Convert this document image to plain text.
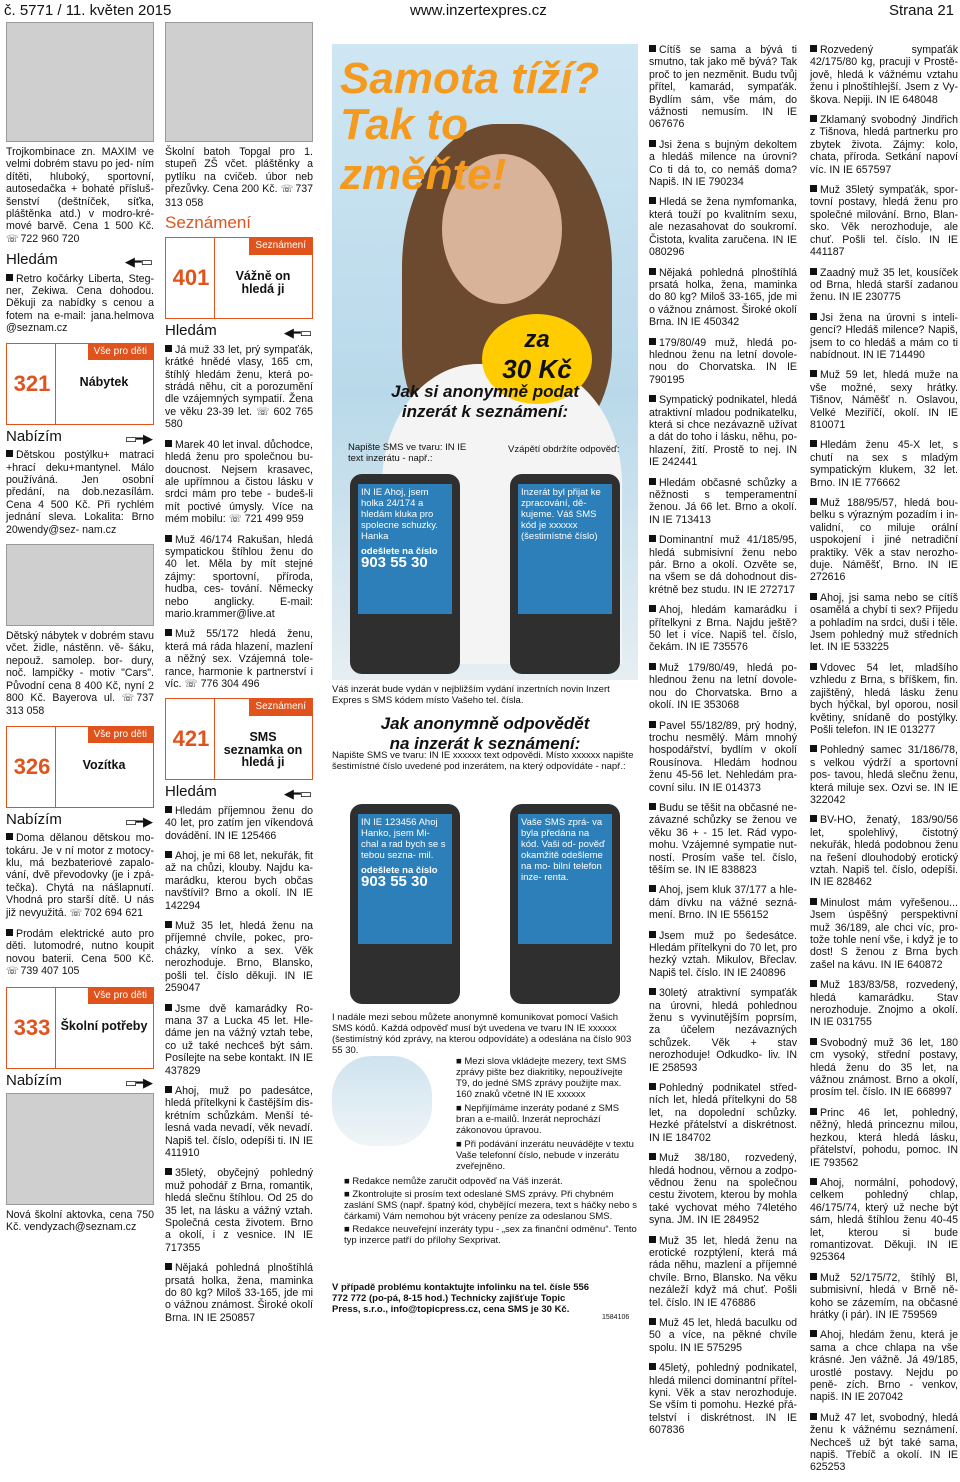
č. 5771 / 11. květen 2015	www.inzertexpres.cz	Strana 21

Trojkombinace zn. MAXIM ve velmi dobrém stavu po jed- ním dítěti, hluboký, sportovní, autosedačka + bohaté přísluš- šenství (deštníček, síťka, pláštěnka atd.) v modro-kré- mové barvě. Cena 1 500 Kč. ☏ 722 960 720

Hledám	◀━▭

Retro kočárky Liberta, Steg- ner, Zekiwa. Cena dohodou. Děkuji za nabídky s cenou a fotem na e-mail: jana.helmova @seznam.cz

321
Vše pro děti
Nábytek
Nabízím	▭━▶

Dětskou postýlku+ matraci +hrací deku+mantynel. Málo používáná. Jen osobní předání, na dob.nezasílám. Cena 4 500 Kč. Při rychlém jednání sleva. Lokalita: Brno 20wendy@sez- nam.cz

Dětský nábytek v dobrém stavu včet. židle, nástěnn. vě- šáku, nepouž. samolep. bor- dury, noč. lampičky - motiv "Cars". Původní cena 8 400 Kč, nyní 2 800 Kč. Bayerova ul. ☏ 737 313 058

326
Vše pro děti
Vozítka
Nabízím	▭━▶

Doma dělanou dětskou mo- tokáru. Je v ní motor z motocy- klu, má bezbateriové zapalo- vání, dvě převodovky (je i zpá- tečka). Chytá na nášlapnutí. Vhodná pro starší dítě. U nás již nevyužitá. ☏ 702 694 621

Prodám elektrické auto pro děti. lutomodré, nutno koupit novou baterii. Cena 500 Kč. ☏ 739 407 105

333
Vše pro děti
Školní potřeby
Nabízím	▭━▶

Nová školní aktovka, cena 750 Kč. vendyzach@seznam.cz

Školní batoh Topgal pro 1. stupeň ZŠ včet. pláštěnky a pytlíku na cvičeb. úbor neb přezůvky. Cena 200 Kč. ☏ 737 313 058

Seznámení
401
Seznámení
Vážně on hledá ji
Hledám	◀━▭

Já muž 33 let, prý sympaťák, krátké hnědé vlasy, 165 cm, štíhlý hledám ženu, která po- strádá něhu, cit a porozumění dle vzájemných sympatií. Žena ve věku 23-39 let. ☏ 602 765 580

Marek 40 let inval. důchodce, hledá ženu pro společnou bu- doucnost. Nejsem krasavec, ale upřímnou a čistou lásku v srdci mám pro tebe - budeš-li mít poctivé úmysly. Více na mém mobilu: ☏ 721 499 959

Muž 46/174 Rakušan, hledá sympatickou štíhlou ženu do 40 let. Měla by mít stejné zájmy: sportovní, příroda, hudba, ces- tování. Německy nebo anglicky. E-mail: mario.krammer@live.at

Muž 55/172 hledá ženu, která má ráda hlazení, mazlení a něžný sex. Vzájemná tole- rance, harmonie k partnerství i víc. ☏ 776 304 496

421
Seznámení
SMS seznamka on hledá ji
Hledám	◀━▭

Hledám příjemnou ženu do 40 let, pro zatím jen víkendová dovádění. IN IE 125466

Ahoj, je mi 68 let, nekuřák, fit až na chůzi, klouby. Najdu ka- marádku, kterou bych občas navštívil? Brno a okolí. IN IE 142294

Muž 35 let, hledá ženu na příjemné chvíle, pokec, pro- cházky, vínko a sex. Věk nerozhoduje. Brno, Blansko, pošli tel. číslo děkuji. IN IE 259047

Jsme dvě kamarádky Ro- mana 37 a Lucka 45 let. Hle- dáme jen na vážný vztah tebe, co už také nechceš být sám. Posílejte na sebe kontakt. IN IE 437829

Ahoj, muž po padesátce, hledá přítelkyni k častějším dis- krétním schůzkám. Menší té- lesná vada nevadí, věk nevadí. Napiš tel. číslo, odepíši ti. IN IE 411910

35letý, obyčejný pohledný muž pohodář z Brna, romantik, hledá slečnu štíhlou. Od 25 do 35 let, na lásku a vážný vztah. Společná cesta životem. Brno a okolí, i z vesnice. IN IE 717355

Nějaká pohledná plnoštíhlá prsatá holka, žena, maminka do 80 kg? Miloš 33-165, jde mi o vážnou známost. Široké okolí Brna. IN IE 250857

Samota tíží?
Tak to změňte!
za
30 Kč
Jak si anonymně podat
inzerát k seznámení:
Napište SMS ve tvaru: IN IE text inzerátu - např.:
Vzápětí obdržíte odpověď:
IN IE Ahoj, jsem holka 24/174 a hledám kluka pro spolecne schuzky. Hanka
odešlete na číslo
903 55 30
Inzerát byl přijat ke zpracování, dě- kujeme. Váš SMS kód je xxxxxx (šestimístné číslo)
Váš inzerát bude vydán v nejbližším vydání inzertních novin Inzert Expres s SMS kódem místo Vašeho tel. čísla.
Jak anonymně odpovědět
na inzerát k seznámení:
Napište SMS ve tvaru: IN IE xxxxxx text odpovědi. Místo xxxxxx napište šestimístné číslo uvedené pod inzerátem, na který odpovídáte - např.:
IN IE 123456 Ahoj Hanko, jsem Mi- chal a rad bych se s tebou sezna- mil.
odešlete na číslo
903 55 30
Vaše SMS zprá- va byla předána na kód. Vaši od- pověď okamžitě odešleme na mo- bilní telefon inze- renta.
I nadále mezi sebou můžete anonymně komunikovat pomocí Vašich SMS kódů. Každá odpověď musí být uvedena ve tvaru IN IE xxxxxx (šestimístný kód zprávy, na kterou odpovídáte) a odeslána na číslo 903 55 30.
■ Mezi slova vkládejte mezery, text SMS zprávy pište bez diakritiky, nepoužívejte T9, do jedné SMS zprávy použijte max. 160 znaků včetně IN IE xxxxxx
■ Nepřijímáme inzeráty podané z SMS bran a e-mailů. Inzerát neprochází zákonovou úpravou.
■ Při podávání inzerátu neuvádějte v textu Vaše telefonní číslo, nebude v inzerátu zveřejněno.
■ Redakce nemůže zaručit odpověď na Váš inzerát.
■ Zkontrolujte si prosím text odeslané SMS zprávy. Při chybném zaslání SMS (např. špatný kód, chybějící mezera, text s háčky nebo s čárkami) Vám nemohou být vráceny peníze za odeslanou SMS.
■ Redakce neuveřejní inzeráty typu - „sex za finanční odměnu“. Tento typ inzerce patří do přílohy Sexprivat.
V případě problému kontaktujte infolinku na tel. čísle 556 772 772 (po-pá, 8-15 hod.) Technicky zajišťuje Topic Press, s.r.o., info@topicpress.cz, cena SMS je 30 Kč.
1584106

Cítíš se sama a bývá ti smutno, tak jako mě bývá? Tak proč to jen nezměnit. Budu tvůj přítel, kamarád, sympaťák. Bydlím sám, vše mám, do vážnosti nemusím. IN IE 067676

Jsi žena s bujným dekoltem a hledáš milence na úrovni? Co ti dá to, co nemáš doma? Napiš. IN IE 790234

Hledá se žena nymfomanka, která touží po kvalitním sexu, ale nezasahovat do soukromí. Čistota, kvalita zaručena. IN IE 080296

Nějaká pohledná plnoštíhlá prsatá holka, žena, maminka do 80 kg? Miloš 33-165, jde mi o vážnou známost. Široké okolí Brna. IN IE 450342

179/80/49 muž, hledá po- hlednou ženu na letní dovole- nou do Chorvatska. IN IE 790195

Sympatický podnikatel, hledá atraktivní mladou podnikatelku, která si chce nezávazně užívat a dát do toho i lásku, něhu, po- hlazení, žití. Prostě to nej. IN IE 242441

Hledám občasné schůzky a něžnosti s temperamentní ženou. Já 66 let. Brno a okolí. IN IE 713413

Dominantní muž 41/185/95, hledá submisivní ženu nebo pár. Brno a okolí. Ozvěte se, na všem se dá dohodnout dis- krétně bez studu. IN IE 272717

Ahoj, hledám kamarádku i přítelkyni z Brna. Najdu ještě? 50 let i více. Napiš tel. číslo, čekám. IN IE 735576

Muž 179/80/49, hledá po- hlednou ženu na letní dovole- nou do Chorvatska. Brno a okolí. IN IE 353068

Pavel 55/182/89, prý hodný, trochu nesmělý. Mám mnohý hospodářství, bydlím v okolí Rousínova. Hledám hodnou ženu 45-56 let. Nehledám pra- covní silu. IN IE 014373

Budu se těšit na občasné ne- závazné schůzky se ženou ve věku 36 + - 15 let. Rád vypo- mohu. Vzájemné sympatie nut- ností. Prosím vaše tel. číslo, těším se. IN IE 838823

Ahoj, jsem kluk 37/177 a hle- dám dívku na vážné sezná- mení. Brno. IN IE 556152

Jsem muž po šedesátce. Hledám přítelkyni do 70 let, pro hezký vztah. Mikulov, Břeclav. Napiš tel. číslo. IN IE 240896

30letý atraktivní sympaťák na úrovni, hledá pohlednou ženu s vyvinutějším poprsím, za účelem nezávazných schůzek. Věk + stav nerozhoduje! Odkudko- liv. IN IE 258593

Pohledný podnikatel střed- ních let, hledá přítelkyni do 58 let, na dopolední schůzky. Hezké přátelství a diskrétnost. IN IE 184702

Muž 38/180, rozvedený, hledá hodnou, věrnou a zodpo- vědnou ženu na společnou cestu životem, kterou by mohla také vychovat mého 74letého syna. JM. IN IE 284952

Muž 35 let, hledá ženu na erotické rozptýlení, která má ráda něhu, mazlení a příjemné chvíle. Brno, Blansko. Na věku nezáleží když má chuť. Pošli tel. číslo. IN IE 476886

Muž 45 let, hledá baculku od 50 a více, na pěkné chvíle spolu. IN IE 575295

45letý, pohledný podnikatel, hledá milenci dominantní přítel- kyni. Věk a stav nerozhoduje. Se vším ti pomohu. Hezké přá- telství i diskrétnost. IN IE 607836

Rozvedený sympaťák 42/175/80 kg, pracuji v Prostě- jově, hledá k vážnému vztahu ženu i plnoštíhlejší. Jsem z Vy- škova. Nepiji. IN IE 648048

Zklamaný svobodný Jindřich z Tišnova, hledá partnerku pro zbytek života. Zájmy: kolo, chata, příroda. Setkání napoví víc. IN IE 657597

Muž 35letý sympaťák, spor- tovní postavy, hledá ženu pro společné milování. Brno, Blan- sko. Věk nerozhoduje, ale chuť. Pošli tel. číslo. IN IE 441187

Zaadný muž 35 let, kousíček od Brna, hledá starší zadanou ženu. IN IE 230775

Jsi žena na úrovni s inteli- gencí? Hledáš milence? Napiš, jsem to co hledáš a mám co ti nabídnout. IN IE 714490

Muž 59 let, hledá muže na vše možné, sexy hrátky. Tišnov, Náměšť n. Oslavou, Velké Meziříčí, okolí. IN IE 810071

Hledám ženu 45-X let, s chutí na sex s mladým sympatickým klukem, 32 let. Brno. IN IE 776662

Muž 188/95/57, hledá bou- belku s výrazným pozadím i in- validní, co miluje orální uspokojení i jiné netradiční praktiky. Věk a stav nerozho- duje. Náměšť, Brno. IN IE 272616

Ahoj, jsi sama nebo se cítíš osamělá a chybí ti sex? Přijedu a pohladím na srdci, duši i těle. Jsem pohledný muž středních let. IN IE 533225

Vdovec 54 let, mladšího vzhledu z Brna, s bříškem, fin. zajištěný, hledá lásku ženu bych hýčkal, byl oporou, nosil květiny, snídaně do postýlky. Pošli telefon. IN IE 013277

Pohledný samec 31/186/78, s velkou výdrží a sportovní pos- tavou, hledá slečnu ženu, která miluje sex. Ozvi se. IN IE 322042

BV-HO, ženatý, 183/90/56 let, spolehlivý, čistotný nekuřák, hledá podobnou ženu na řešení dlouhodobý erotický vztah. Napiš tel. číslo, odepíši. IN IE 828462

Minulost mám vyřešenou... Jsem úspěšný perspektivní muž 36/189, ale chci víc, pro- tože tohle není vše, i když je to dost! S ženou z Brna bych zašel na kávu. IN IE 640872

Muž 183/83/58, rozvedený, hledá kamarádku. Stav nerozhoduje. Znojmo a okolí. IN IE 031755

Svobodný muž 36 let, 180 cm vysoký, střední postavy, hledá ženu do 35 let, na vážnou známost. Brno a okolí, prosím tel. číslo. IN IE 668997

Princ 46 let, pohledný, něžný, hledá princeznu milou, hezkou, která hledá lásku, přátelství, pohodu, pomoc. IN IE 793562

Ahoj, normální, pohodový, celkem pohledný chlap, 46/175/74, který už neche být sám, hledá štíhlou ženu 40-45 let, kterou si bude romantizovat. Děkuji. IN IE 925364

Muž 52/175/72, štíhlý Bl, submisivní, hledá v Brně ně- koho se zázemím, na občasné hrátky (i pár). IN IE 759569

Ahoj, hledám ženu, která je sama a chce chlapa na vše krásné. Jen vážně. Já 49/185, urostlé postavy. Nejdu po peně- zích. Brno - venkov, napiš. IN IE 207042

Muž 47 let, svobodný, hledá ženu k vážnému seznámení. Nechceš už být také sama, napiš. Třebíč a okolí. IN IE 625253
